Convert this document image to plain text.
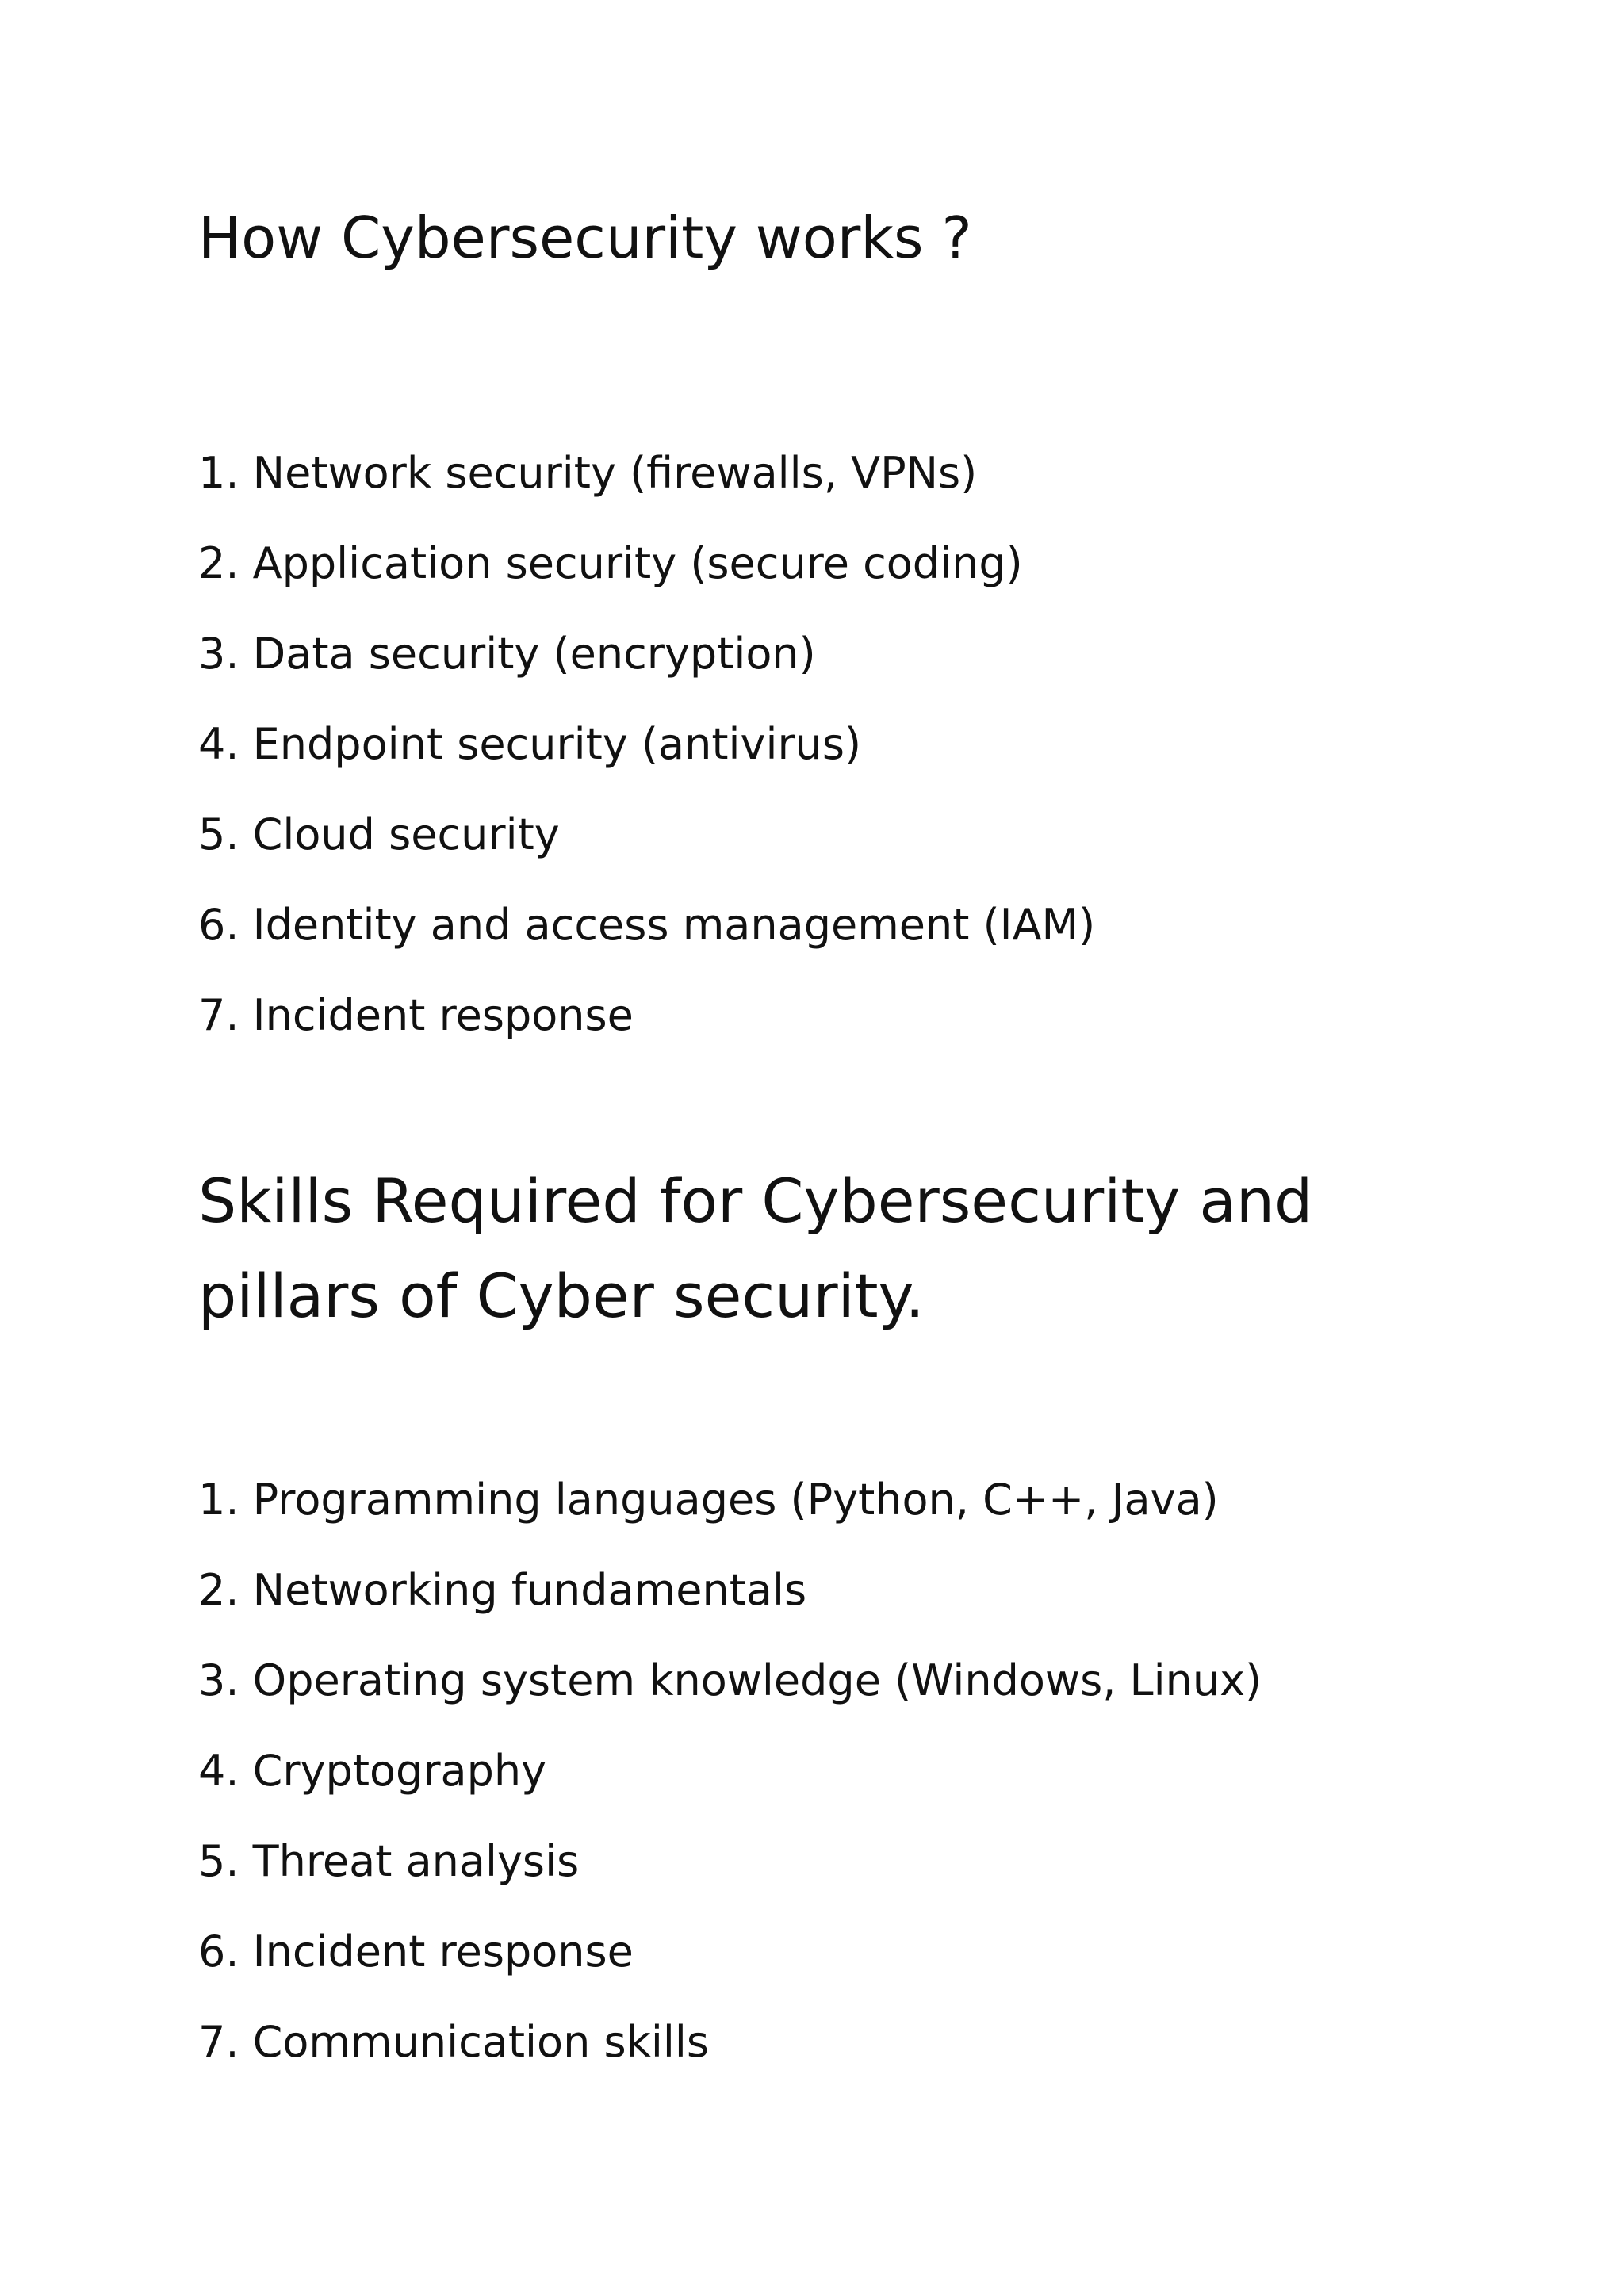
How Cybersecurity works ?
1. Network security (firewalls, VPNs)
2. Application security (secure coding)
3. Data security (encryption)
4. Endpoint security (antivirus)
5. Cloud security
6. Identity and access management (IAM)
7. Incident response
Skills Required for Cybersecurity and pillars of Cyber security.
1. Programming languages (Python, C++, Java)
2. Networking fundamentals
3. Operating system knowledge (Windows, Linux)
4. Cryptography
5. Threat analysis
6. Incident response
7. Communication skills
